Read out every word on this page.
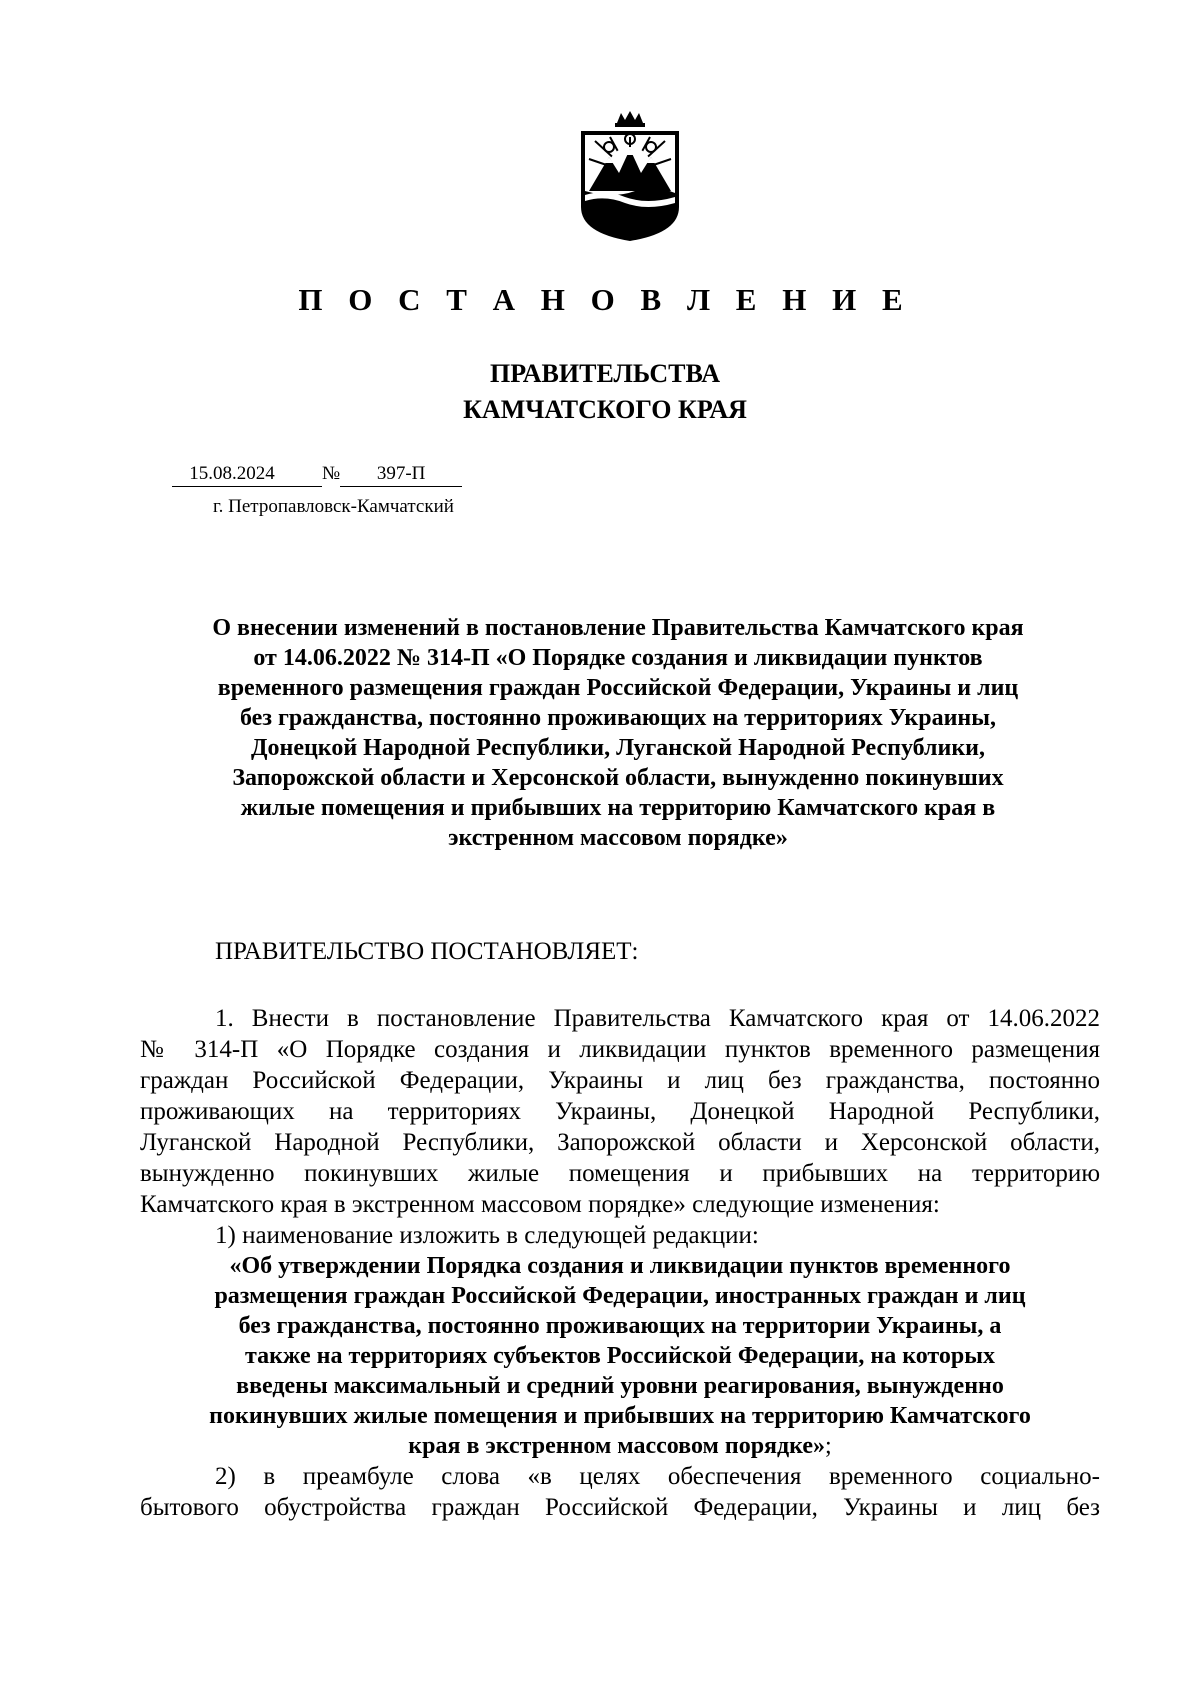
П О С Т А Н О В Л Е Н И Е
ПРАВИТЕЛЬСТВА
КАМЧАТСКОГО КРАЯ
15.08.2024 № 397-П
г. Петропавловск-Камчатский
О внесении изменений в постановление Правительства Камчатского края
от 14.06.2022 № 314-П «О Порядке создания и ликвидации пунктов
временного размещения граждан Российской Федерации, Украины и лиц
без гражданства, постоянно проживающих на территориях Украины,
Донецкой Народной Республики, Луганской Народной Республики,
Запорожской области и Херсонской области, вынужденно покинувших
жилые помещения и прибывших на территорию Камчатского края в
экстренном массовом порядке»
ПРАВИТЕЛЬСТВО ПОСТАНОВЛЯЕТ:
1. Внести в постановление Правительства Камчатского края от 14.06.2022
№ 314-П «О Порядке создания и ликвидации пунктов временного размещения
граждан Российской Федерации, Украины и лиц без гражданства, постоянно
проживающих на территориях Украины, Донецкой Народной Республики,
Луганской Народной Республики, Запорожской области и Херсонской области,
вынужденно покинувших жилые помещения и прибывших на территорию
Камчатского края в экстренном массовом порядке» следующие изменения:
1) наименование изложить в следующей редакции:
«Об утверждении Порядка создания и ликвидации пунктов временного
размещения граждан Российской Федерации, иностранных граждан и лиц
без гражданства, постоянно проживающих на территории Украины, а
также на территориях субъектов Российской Федерации, на которых
введены максимальный и средний уровни реагирования, вынужденно
покинувших жилые помещения и прибывших на территорию Камчатского
края в экстренном массовом порядке»;
2) в преамбуле слова «в целях обеспечения временного социально-
бытового обустройства граждан Российской Федерации, Украины и лиц без
